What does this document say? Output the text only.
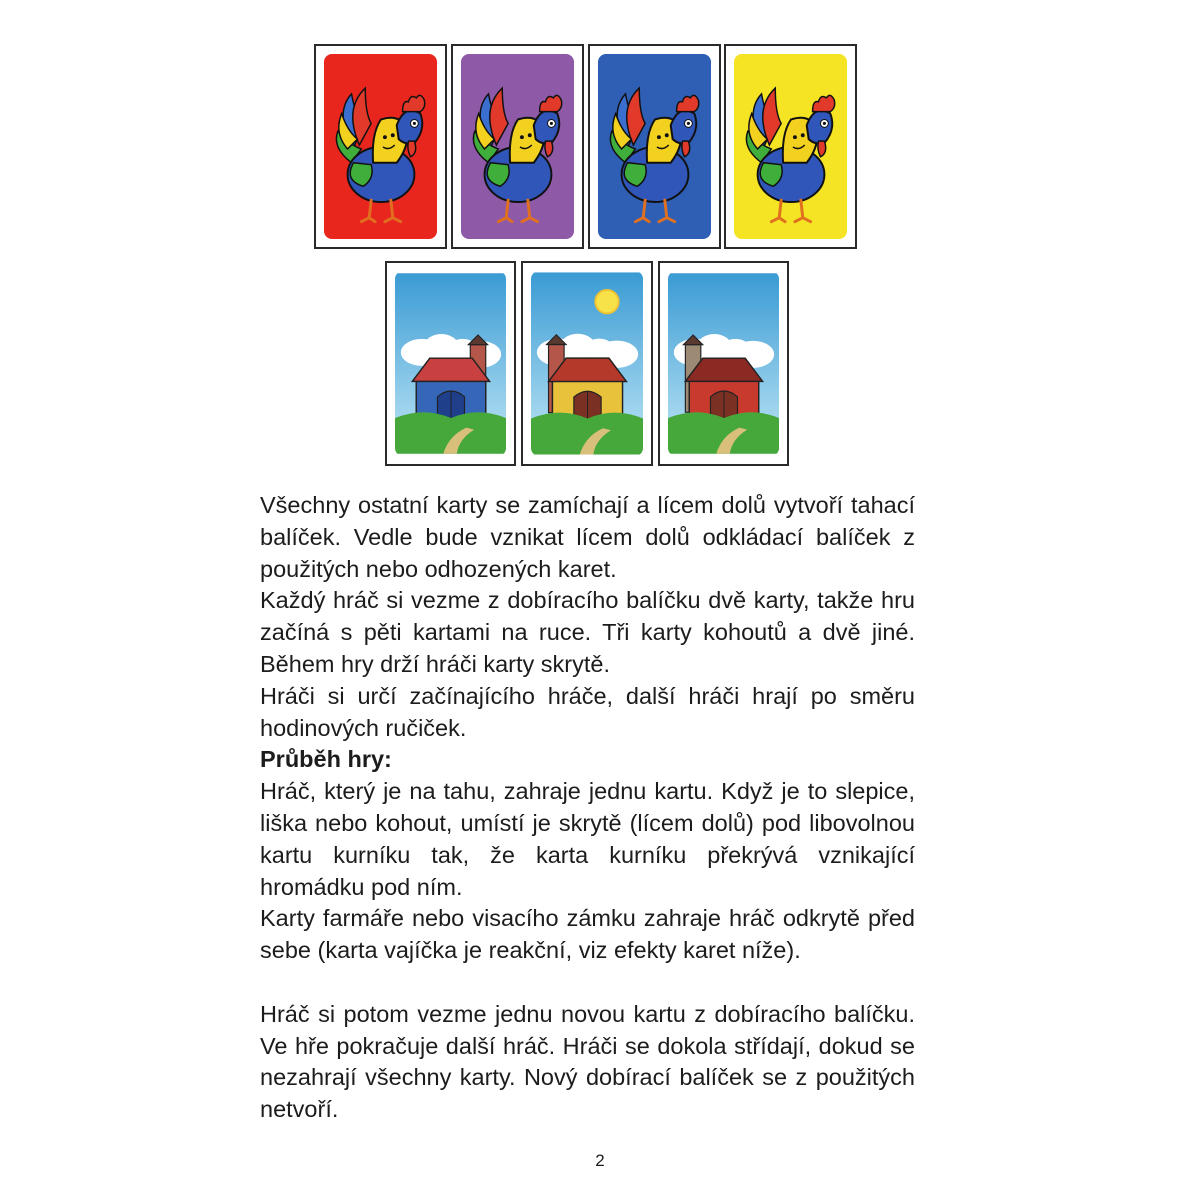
Všechny ostatní karty se zamíchají a lícem dolů vytvoří tahací balíček. Vedle bude vznikat lícem dolů odkládací balíček z použitých nebo odhozených karet.

Každý hráč si vezme z dobíracího balíčku dvě karty, takže hru začíná s pěti kartami na ruce. Tři karty kohoutů a dvě jiné. Během hry drží hráči karty skrytě.

Hráči si určí začínajícího hráče, další hráči hrají po směru hodinových ručiček.

Průběh hry:

Hráč, který je na tahu, zahraje jednu kartu. Když je to slepice, liška nebo kohout, umístí je skrytě (lícem dolů) pod libovolnou kartu kurníku tak, že karta kurníku překrývá vznikající hromádku pod ním.

Karty farmáře nebo visacího zámku zahraje hráč odkrytě před sebe (karta vajíčka je reakční, viz efekty karet níže).

Hráč si potom vezme jednu novou kartu z dobíracího balíčku. Ve hře pokračuje další hráč. Hráči se dokola střídají, dokud se nezahrají všechny karty. Nový dobírací balíček se z použitých netvoří.

2
